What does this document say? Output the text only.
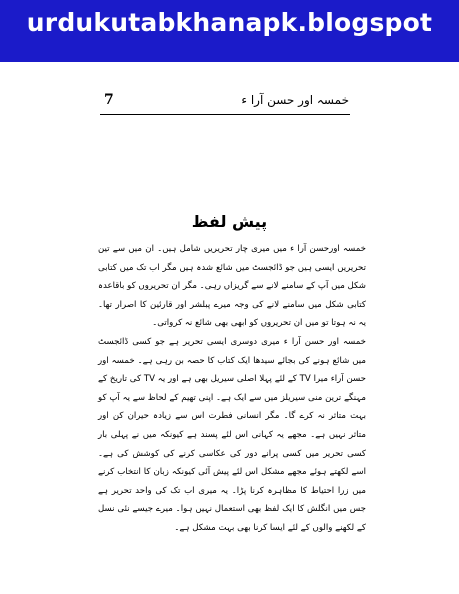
urdukutabkhanapk.blogspot
7	خمسہ اور حسن آرا ء
پیش لفظ

خمسہ اورحسن آرا ء میں میری چار تحریریں شامل ہیں۔ ان میں سے تین تحریریں ایسی ہیں جو ڈائجسٹ میں شائع شدہ ہیں مگر اب تک میں کتابی شکل میں آپ کے سامنے لانے سے گریزاں رہی۔ مگر ان تحریروں کو باقاعدہ کتابی شکل میں سامنے لانے کی وجہ میرے پبلشر اور قارئین کا اصرار تھا۔ یہ نہ ہوتا تو میں ان تحریروں کو ابھی بھی شائع نہ کرواتی۔

خمسہ اور حسن آرا ء میری دوسری ایسی تحریر ہے جو کسی ڈائجسٹ میں شائع ہونے کی بجائے سیدھا ایک کتاب کا حصہ بن رہی ہے۔ خمسہ اور حسن آراء میرا TV کے لئے پہلا اصلی سیریل بھی ہے اور یہ TV کی تاریخ کے مہنگے ترین منی سیریلز میں سے ایک ہے۔ اپنی تھیم کے لحاظ سے یہ آپ کو بہت متاثر نہ کرے گا۔ مگر انسانی فطرت اس سے زیادہ حیران کن اور متاثر نہیں ہے۔ مجھے یہ کہانی اس لئے پسند ہے کیونکہ میں نے پہلی بار کسی تحریر میں کسی پرانے دور کی عکاسی کرنے کی کوشش کی ہے۔ اسے لکھتے ہوئے مجھے مشکل اس لئے پیش آئی کیونکہ زبان کا انتخاب کرنے میں زرا احتیاط کا مظاہرہ کرنا پڑا۔ یہ میری اب تک کی واحد تحریر ہے جس میں انگلش کا ایک لفظ بھی استعمال نہیں ہوا۔ میرے جیسے نئی نسل کے لکھنے والوں کے لئے ایسا کرنا بھی بہت مشکل ہے۔
